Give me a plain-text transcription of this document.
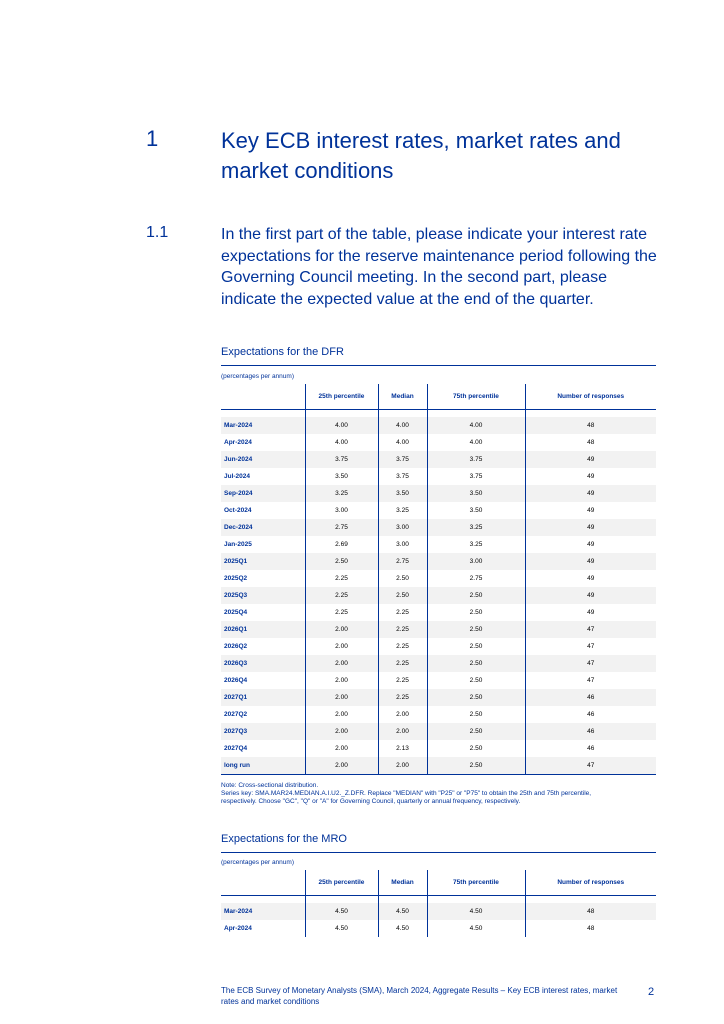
1	Key ECB interest rates, market rates and market conditions
1.1	In the first part of the table, please indicate your interest rate expectations for the reserve maintenance period following the Governing Council meeting. In the second part, please indicate the expected value at the end of the quarter.
Expectations for the DFR
(percentages per annum)
	25th percentile	Median	75th percentile	Number of responses

Mar-2024	4.00	4.00	4.00	48
Apr-2024	4.00	4.00	4.00	48
Jun-2024	3.75	3.75	3.75	49
Jul-2024	3.50	3.75	3.75	49
Sep-2024	3.25	3.50	3.50	49
Oct-2024	3.00	3.25	3.50	49
Dec-2024	2.75	3.00	3.25	49
Jan-2025	2.69	3.00	3.25	49
2025Q1	2.50	2.75	3.00	49
2025Q2	2.25	2.50	2.75	49
2025Q3	2.25	2.50	2.50	49
2025Q4	2.25	2.25	2.50	49
2026Q1	2.00	2.25	2.50	47
2026Q2	2.00	2.25	2.50	47
2026Q3	2.00	2.25	2.50	47
2026Q4	2.00	2.25	2.50	47
2027Q1	2.00	2.25	2.50	46
2027Q2	2.00	2.00	2.50	46
2027Q3	2.00	2.00	2.50	46
2027Q4	2.00	2.13	2.50	46
long run	2.00	2.00	2.50	47
Note: Cross-sectional distribution.
Series key: SMA.MAR24.MEDIAN.A.I.U2._Z.DFR. Replace "MEDIAN" with "P25" or "P75" to obtain the 25th and 75th percentile,
respectively. Choose "GC", "Q" or "A" for Governing Council, quarterly or annual frequency, respectively.
Expectations for the MRO
(percentages per annum)
	25th percentile	Median	75th percentile	Number of responses

Mar-2024	4.50	4.50	4.50	48
Apr-2024	4.50	4.50	4.50	48
The ECB Survey of Monetary Analysts (SMA), March 2024, Aggregate Results – Key ECB interest rates, market rates and market conditions
2
